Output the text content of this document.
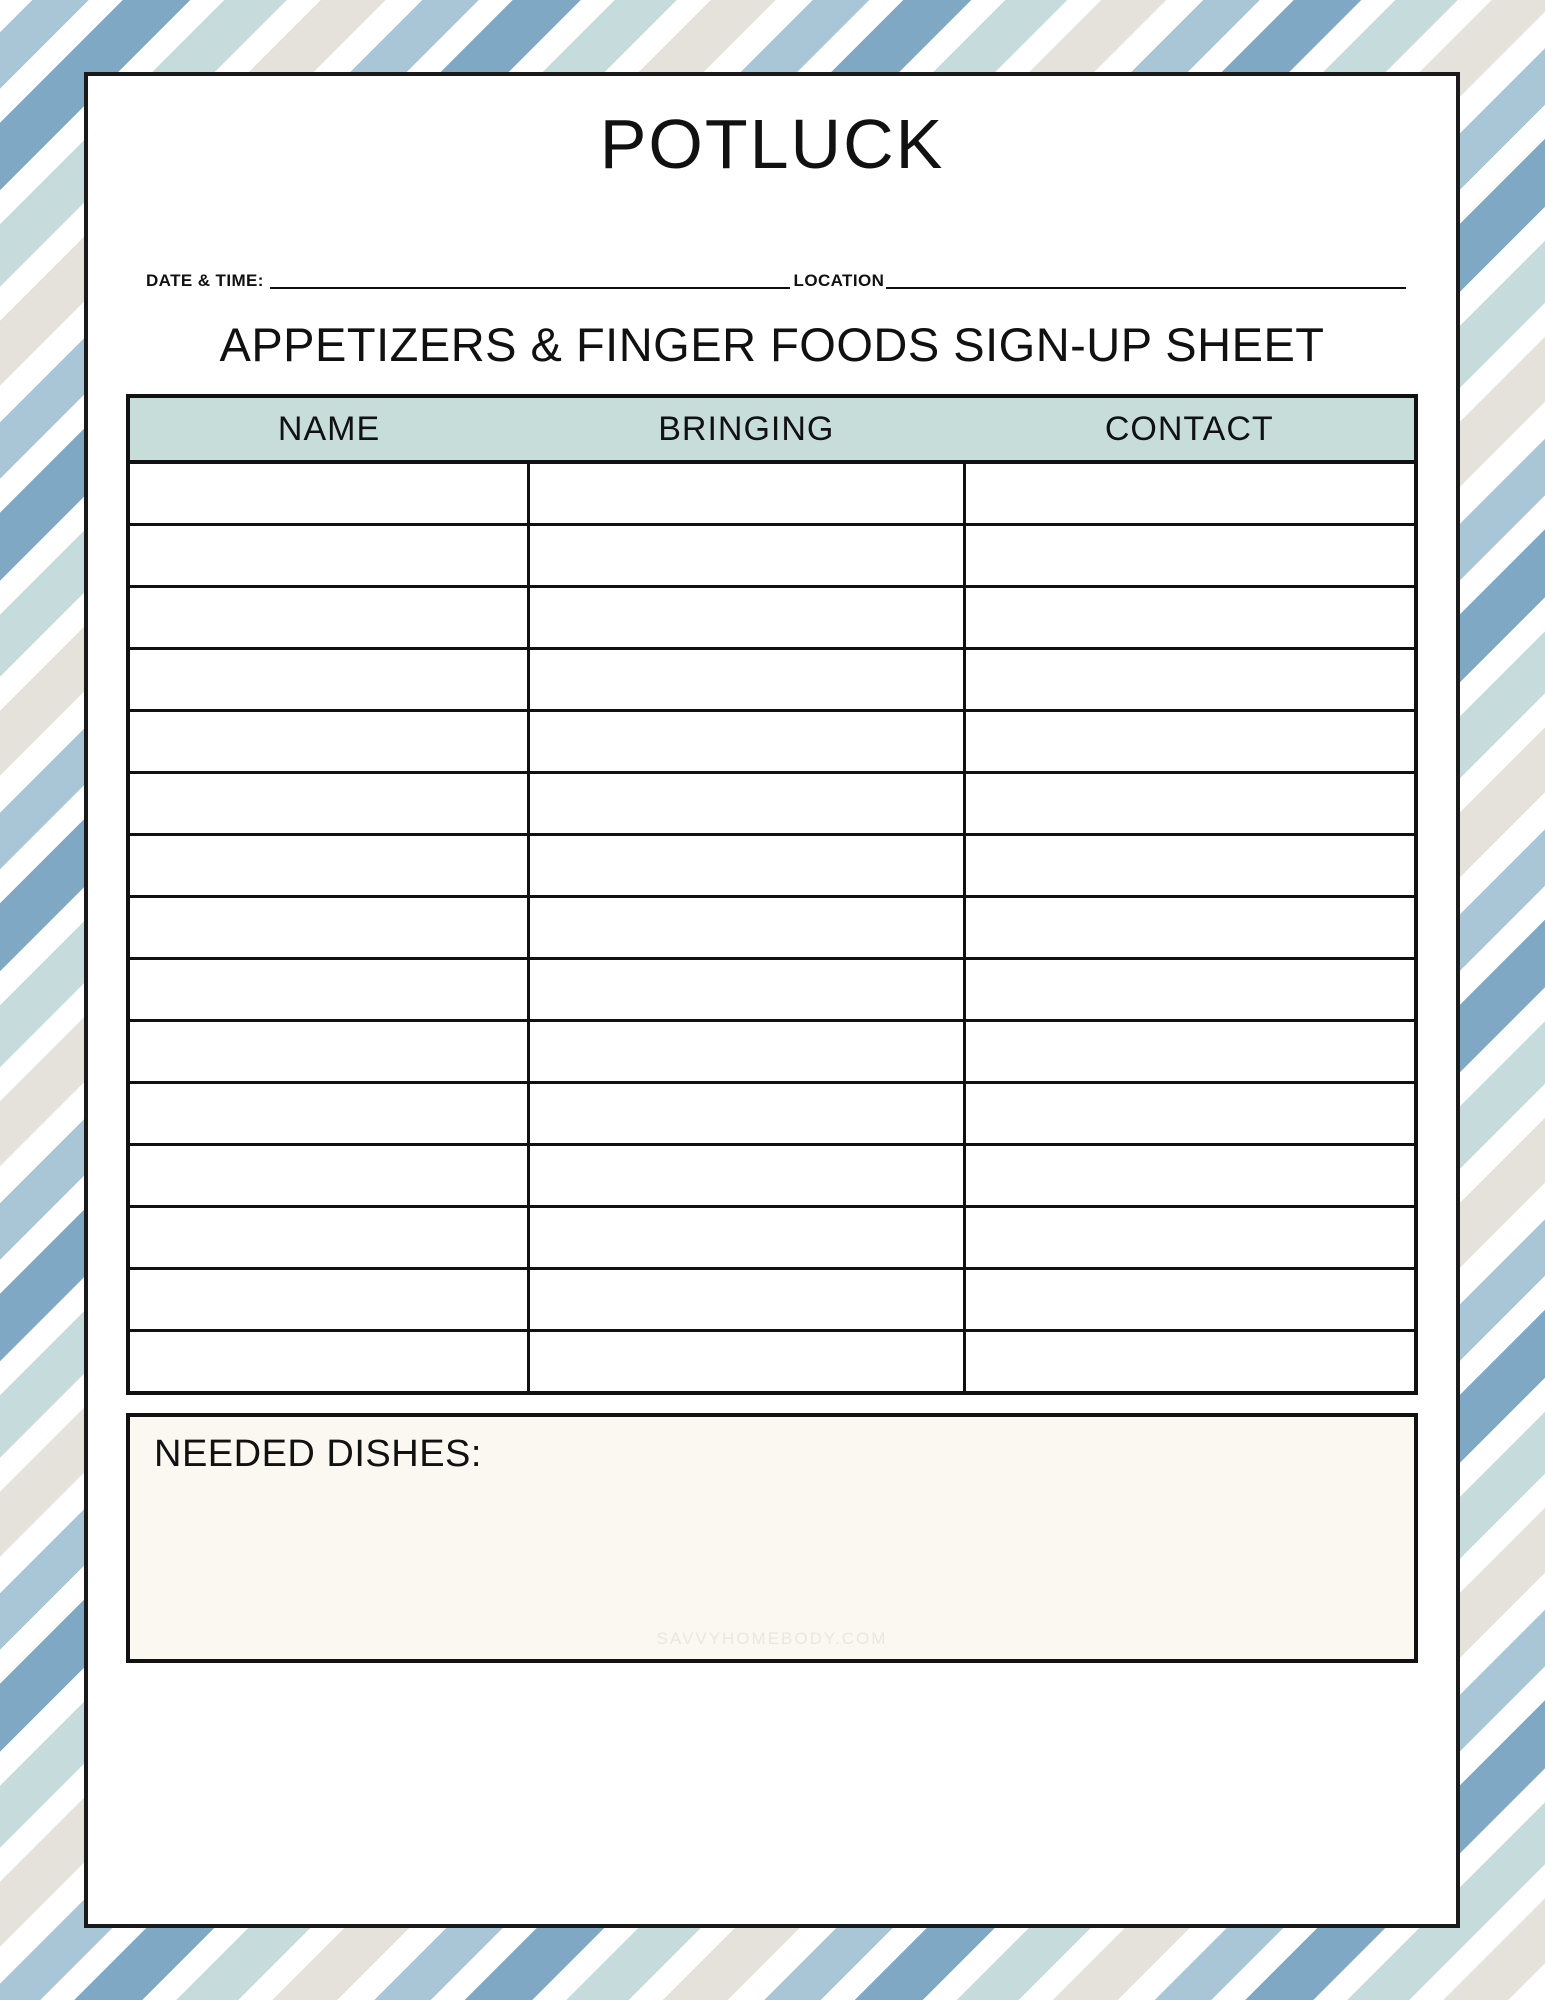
POTLUCK
DATE & TIME:	LOCATION
APPETIZERS & FINGER FOODS SIGN-UP SHEET
NAME	BRINGING	CONTACT

NEEDED DISHES:
SAVVYHOMEBODY.COM
